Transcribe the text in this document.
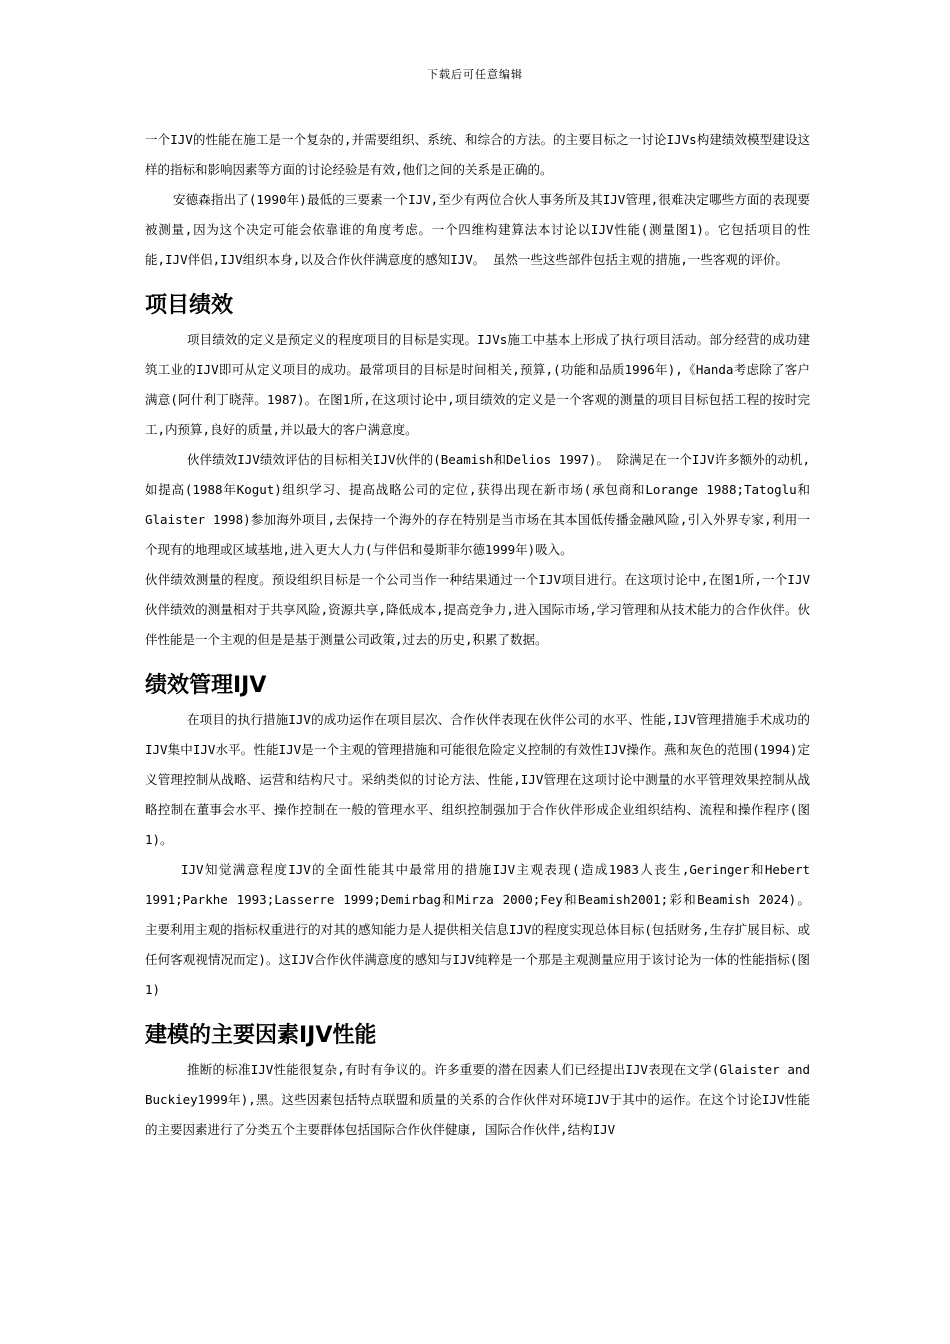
下载后可任意编辑

一个IJV的性能在施工是一个复杂的,并需要组织、系统、和综合的方法。的主要目标之一讨论IJVs构建绩效模型建设这样的指标和影响因素等方面的讨论经验是有效,他们之间的关系是正确的。

安德森指出了(1990年)最低的三要素一个IJV,至少有两位合伙人事务所及其IJV管理,很难决定哪些方面的表现要被测量,因为这个决定可能会依靠谁的角度考虑。一个四维构建算法本讨论以IJV性能(测量图1)。它包括项目的性能,IJV伴侣,IJV组织本身,以及合作伙伴满意度的感知IJV。 虽然一些这些部件包括主观的措施,一些客观的评价。

项目绩效

项目绩效的定义是预定义的程度项目的目标是实现。IJVs施工中基本上形成了执行项目活动。部分经营的成功建筑工业的IJV即可从定义项目的成功。最常项目的目标是时间相关,预算,(功能和品质1996年),《Handa考虑除了客户满意(阿什利丁晓萍。1987)。在图1所,在这项讨论中,项目绩效的定义是一个客观的测量的项目目标包括工程的按时完工,内预算,良好的质量,并以最大的客户满意度。

伙伴绩效IJV绩效评估的目标相关IJV伙伴的(Beamish和Delios 1997)。 除满足在一个IJV许多额外的动机,如提高(1988年Kogut)组织学习、提高战略公司的定位,获得出现在新市场(承包商和Lorange 1988;Tatoglu和Glaister 1998)参加海外项目,去保持一个海外的存在特别是当市场在其本国低传播金融风险,引入外界专家,利用一个现有的地理或区域基地,进入更大人力(与伴侣和曼斯菲尔德1999年)吸入。

伙伴绩效测量的程度。预设组织目标是一个公司当作一种结果通过一个IJV项目进行。在这项讨论中,在图1所,一个IJV伙伴绩效的测量相对于共享风险,资源共享,降低成本,提高竞争力,进入国际市场,学习管理和从技术能力的合作伙伴。伙伴性能是一个主观的但是是基于测量公司政策,过去的历史,积累了数据。

绩效管理IJV

在项目的执行措施IJV的成功运作在项目层次、合作伙伴表现在伙伴公司的水平、性能,IJV管理措施手术成功的IJV集中IJV水平。性能IJV是一个主观的管理措施和可能很危险定义控制的有效性IJV操作。燕和灰色的范围(1994)定义管理控制从战略、运营和结构尺寸。采纳类似的讨论方法、性能,IJV管理在这项讨论中测量的水平管理效果控制从战略控制在董事会水平、操作控制在一般的管理水平、组织控制强加于合作伙伴形成企业组织结构、流程和操作程序(图1)。

IJV知觉满意程度IJV的全面性能其中最常用的措施IJV主观表现(造成1983人丧生,Geringer和Hebert 1991;Parkhe 1993;Lasserre 1999;Demirbag和Mirza 2000;Fey和Beamish2001;彩和Beamish 2024)。 主要利用主观的指标权重进行的对其的感知能力是人提供相关信息IJV的程度实现总体目标(包括财务,生存扩展目标、或任何客观视情况而定)。这IJV合作伙伴满意度的感知与IJV纯粹是一个那是主观测量应用于该讨论为一体的性能指标(图1)

建模的主要因素IJV性能

推断的标准IJV性能很复杂,有时有争议的。许多重要的潜在因素人们已经提出IJV表现在文学(Glaister and Buckiey1999年),黑。这些因素包括特点联盟和质量的关系的合作伙伴对环境IJV于其中的运作。在这个讨论IJV性能的主要因素进行了分类五个主要群体包括国际合作伙伴健康, 国际合作伙伴,结构IJV
